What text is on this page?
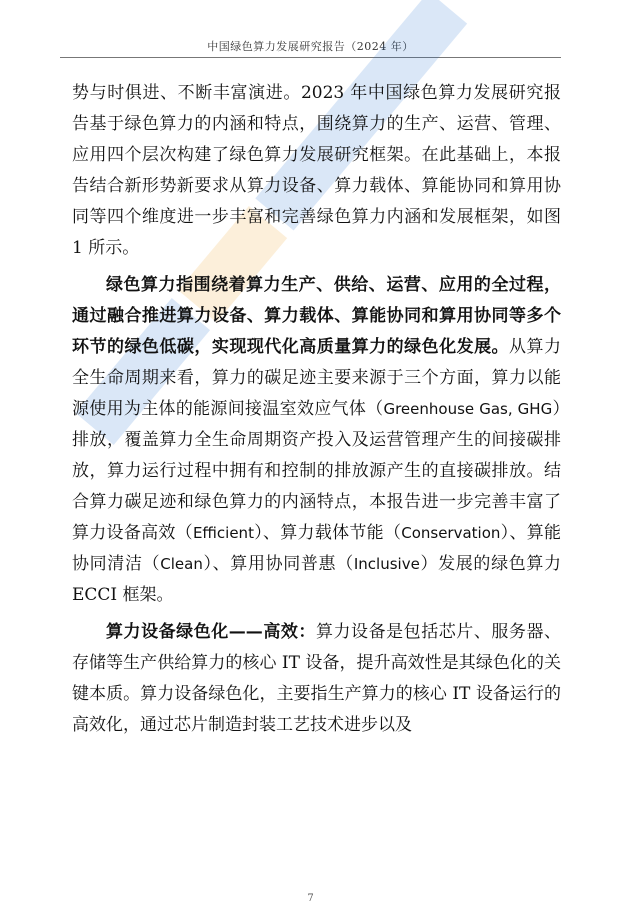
中国绿色算力发展研究报告（2024 年）

势与时俱进、不断丰富演进。2023 年中国绿色算力发展研究报告基于绿色算力的内涵和特点，围绕算力的生产、运营、管理、应用四个层次构建了绿色算力发展研究框架。在此基础上，本报告结合新形势新要求从算力设备、算力载体、算能协同和算用协同等四个维度进一步丰富和完善绿色算力内涵和发展框架，如图 1 所示。

绿色算力指围绕着算力生产、供给、运营、应用的全过程，通过融合推进算力设备、算力载体、算能协同和算用协同等多个环节的绿色低碳，实现现代化高质量算力的绿色化发展。从算力全生命周期来看，算力的碳足迹主要来源于三个方面，算力以能源使用为主体的能源间接温室效应气体（Greenhouse Gas, GHG）排放，覆盖算力全生命周期资产投入及运营管理产生的间接碳排放，算力运行过程中拥有和控制的排放源产生的直接碳排放。结合算力碳足迹和绿色算力的内涵特点，本报告进一步完善丰富了算力设备高效（Efficient）、算力载体节能（Conservation）、算能协同清洁（Clean）、算用协同普惠（Inclusive）发展的绿色算力 ECCI 框架。

算力设备绿色化——高效：算力设备是包括芯片、服务器、存储等生产供给算力的核心 IT 设备，提升高效性是其绿色化的关键本质。算力设备绿色化，主要指生产算力的核心 IT 设备运行的高效化，通过芯片制造封装工艺技术进步以及

7
